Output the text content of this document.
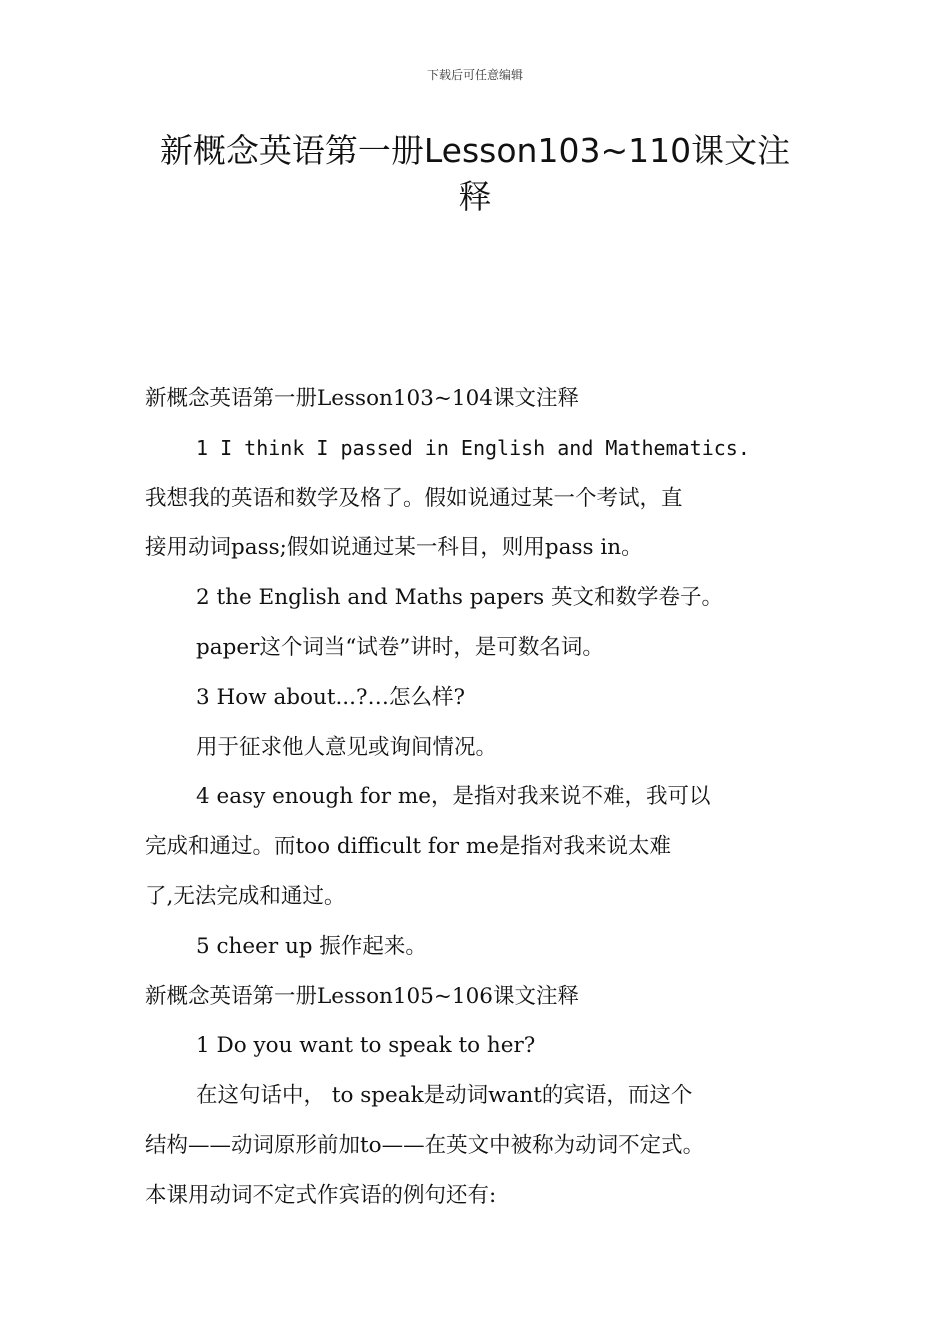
下载后可任意编辑
新概念英语第一册Lesson103~110课文注
释

新概念英语第一册Lesson103~104课文注释

1 I think I passed in English and Mathematics.

我想我的英语和数学及格了。假如说通过某一个考试，直

接用动词pass;假如说通过某一科目，则用pass in。

2 the English and Maths papers 英文和数学卷子。

paper这个词当“试卷”讲时，是可数名词。

3 How about...?…怎么样?

用于征求他人意见或询间情况。

4 easy enough for me，是指对我来说不难，我可以

完成和通过。而too difficult for me是指对我来说太难

了,无法完成和通过。

5 cheer up 振作起来。

新概念英语第一册Lesson105~106课文注释

1 Do you want to speak to her?

在这句话中， to speak是动词want的宾语，而这个

结构——动词原形前加to——在英文中被称为动词不定式。

本课用动词不定式作宾语的例句还有:
